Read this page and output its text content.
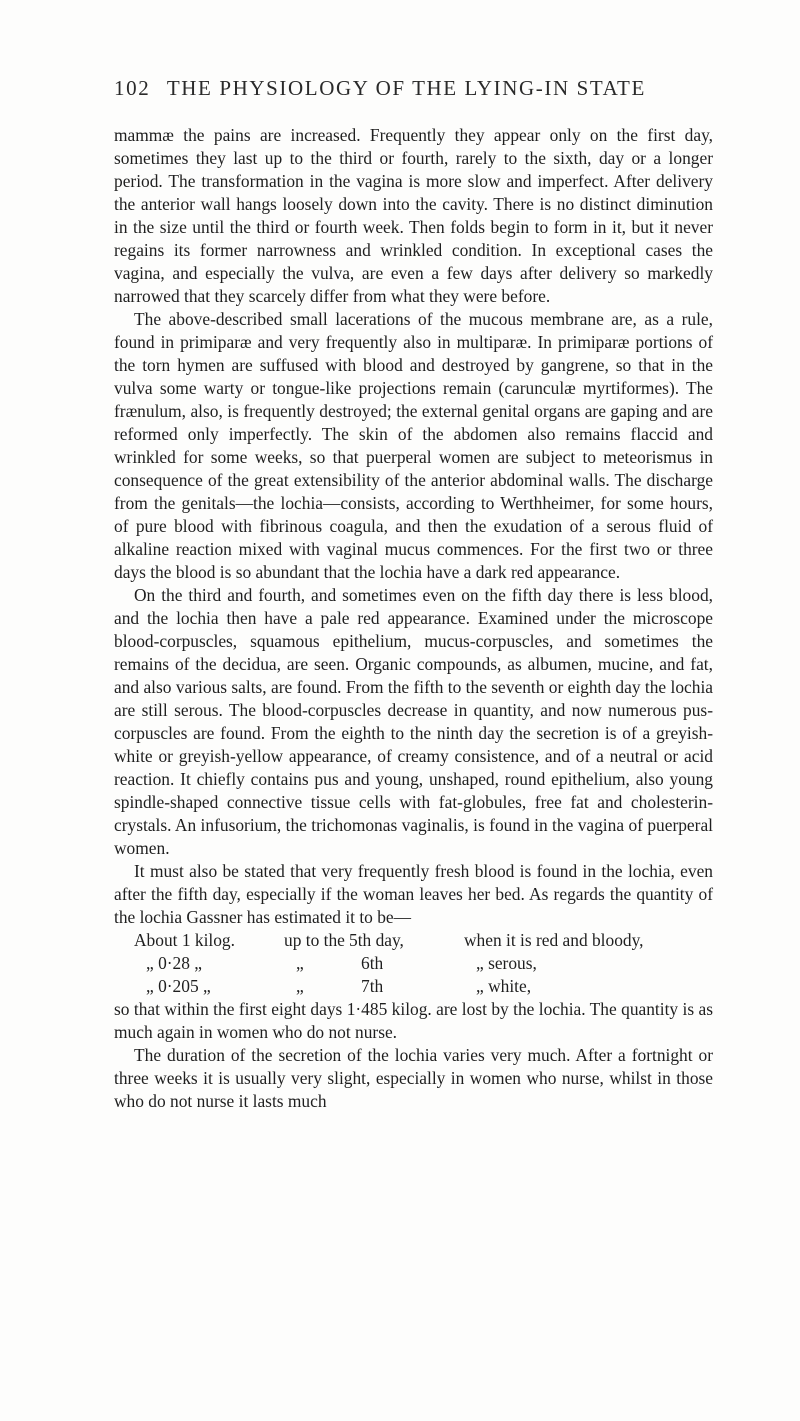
102 THE PHYSIOLOGY OF THE LYING-IN STATE

mammæ the pains are increased. Frequently they appear only on the first day, sometimes they last up to the third or fourth, rarely to the sixth, day or a longer period. The transformation in the vagina is more slow and imperfect. After delivery the anterior wall hangs loosely down into the cavity. There is no distinct diminution in the size until the third or fourth week. Then folds begin to form in it, but it never regains its former narrowness and wrinkled condition. In exceptional cases the vagina, and especially the vulva, are even a few days after delivery so markedly narrowed that they scarcely differ from what they were before.

The above-described small lacerations of the mucous membrane are, as a rule, found in primiparæ and very frequently also in multiparæ. In primiparæ portions of the torn hymen are suffused with blood and destroyed by gangrene, so that in the vulva some warty or tongue-like projections remain (carunculæ myrtiformes). The frænulum, also, is frequently destroyed; the external genital organs are gaping and are reformed only imperfectly. The skin of the abdomen also remains flaccid and wrinkled for some weeks, so that puerperal women are subject to meteorismus in consequence of the great extensibility of the anterior abdominal walls. The discharge from the genitals—the lochia—consists, according to Werthheimer, for some hours, of pure blood with fibrinous coagula, and then the exudation of a serous fluid of alkaline reaction mixed with vaginal mucus commences. For the first two or three days the blood is so abundant that the lochia have a dark red appearance.

On the third and fourth, and sometimes even on the fifth day there is less blood, and the lochia then have a pale red appearance. Examined under the microscope blood-corpuscles, squamous epithelium, mucus-corpuscles, and sometimes the remains of the decidua, are seen. Organic compounds, as albumen, mucine, and fat, and also various salts, are found. From the fifth to the seventh or eighth day the lochia are still serous. The blood-corpuscles decrease in quantity, and now numerous pus-corpuscles are found. From the eighth to the ninth day the secretion is of a greyish-white or greyish-yellow appearance, of creamy consistence, and of a neutral or acid reaction. It chiefly contains pus and young, unshaped, round epithelium, also young spindle-shaped connective tissue cells with fat-globules, free fat and cholesterin-crystals. An infusorium, the trichomonas vaginalis, is found in the vagina of puerperal women.

It must also be stated that very frequently fresh blood is found in the lochia, even after the fifth day, especially if the woman leaves her bed. As regards the quantity of the lochia Gassner has estimated it to be—

About 1 kilog.	up to the 5th day,	when it is red and bloody,
„ 0·28 „	„	6th	„ serous,
„ 0·205 „	„	7th	„ white,

so that within the first eight days 1·485 kilog. are lost by the lochia. The quantity is as much again in women who do not nurse.

The duration of the secretion of the lochia varies very much. After a fortnight or three weeks it is usually very slight, especially in women who nurse, whilst in those who do not nurse it lasts much
